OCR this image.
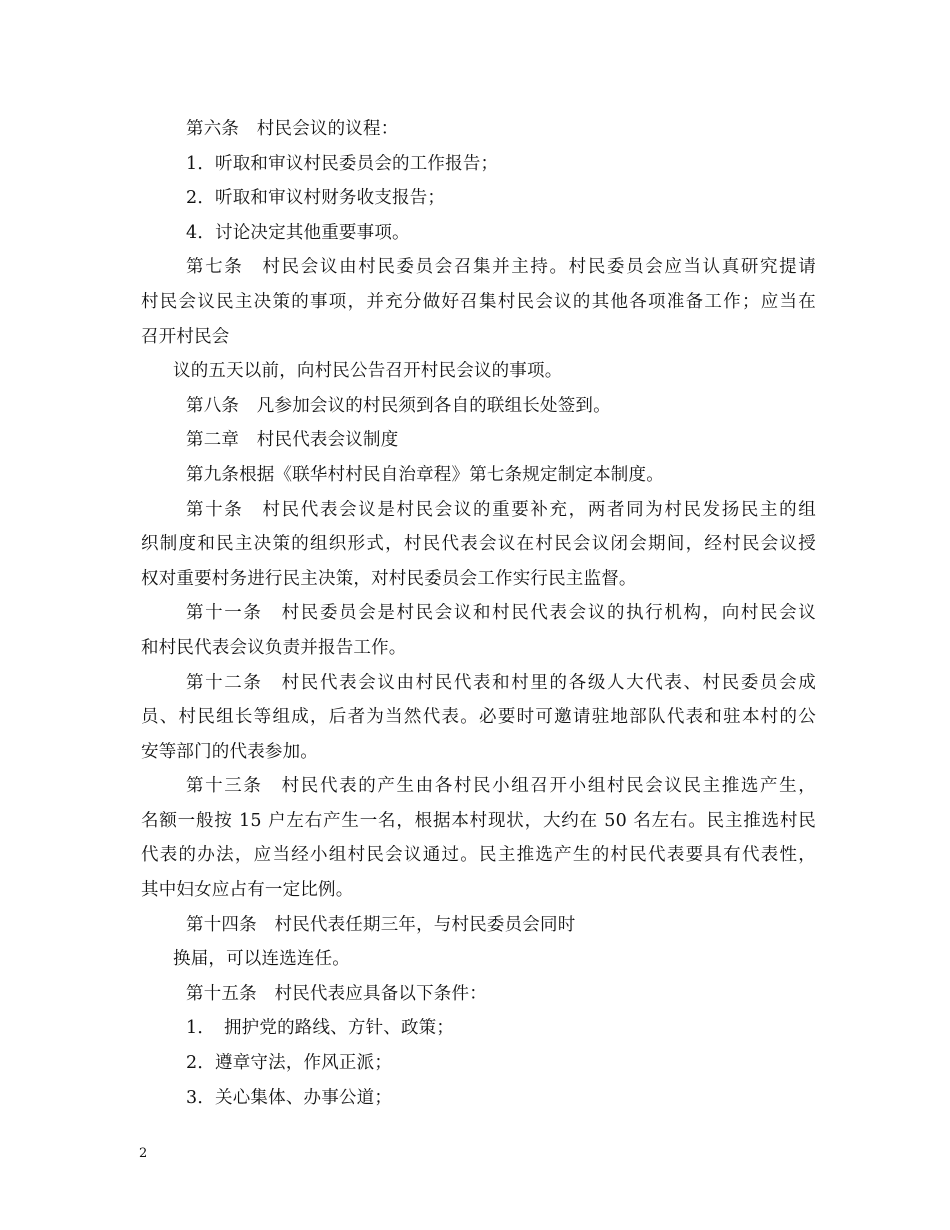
第六条　村民会议的议程：
1．听取和审议村民委员会的工作报告；
2．听取和审议村财务收支报告；
4．讨论决定其他重要事项。
第七条　村民会议由村民委员会召集并主持。村民委员会应当认真研究提请
村民会议民主决策的事项，并充分做好召集村民会议的其他各项准备工作；应当在
召开村民会
议的五天以前，向村民公告召开村民会议的事项。
第八条　凡参加会议的村民须到各自的联组长处签到。
第二章　村民代表会议制度
第九条根据《联华村村民自治章程》第七条规定制定本制度。
第十条　村民代表会议是村民会议的重要补充，两者同为村民发扬民主的组
织制度和民主决策的组织形式，村民代表会议在村民会议闭会期间，经村民会议授
权对重要村务进行民主决策，对村民委员会工作实行民主监督。
第十一条　村民委员会是村民会议和村民代表会议的执行机构，向村民会议
和村民代表会议负责并报告工作。
第十二条　村民代表会议由村民代表和村里的各级人大代表、村民委员会成
员、村民组长等组成，后者为当然代表。必要时可邀请驻地部队代表和驻本村的公
安等部门的代表参加。
第十三条　村民代表的产生由各村民小组召开小组村民会议民主推选产生，
名额一般按 15 户左右产生一名，根据本村现状，大约在 50 名左右。民主推选村民
代表的办法，应当经小组村民会议通过。民主推选产生的村民代表要具有代表性，
其中妇女应占有一定比例。
第十四条　村民代表任期三年，与村民委员会同时
换届，可以连选连任。
第十五条　村民代表应具备以下条件：
1．　拥护党的路线、方针、政策；
2．遵章守法，作风正派；
3．关心集体、办事公道；
2
